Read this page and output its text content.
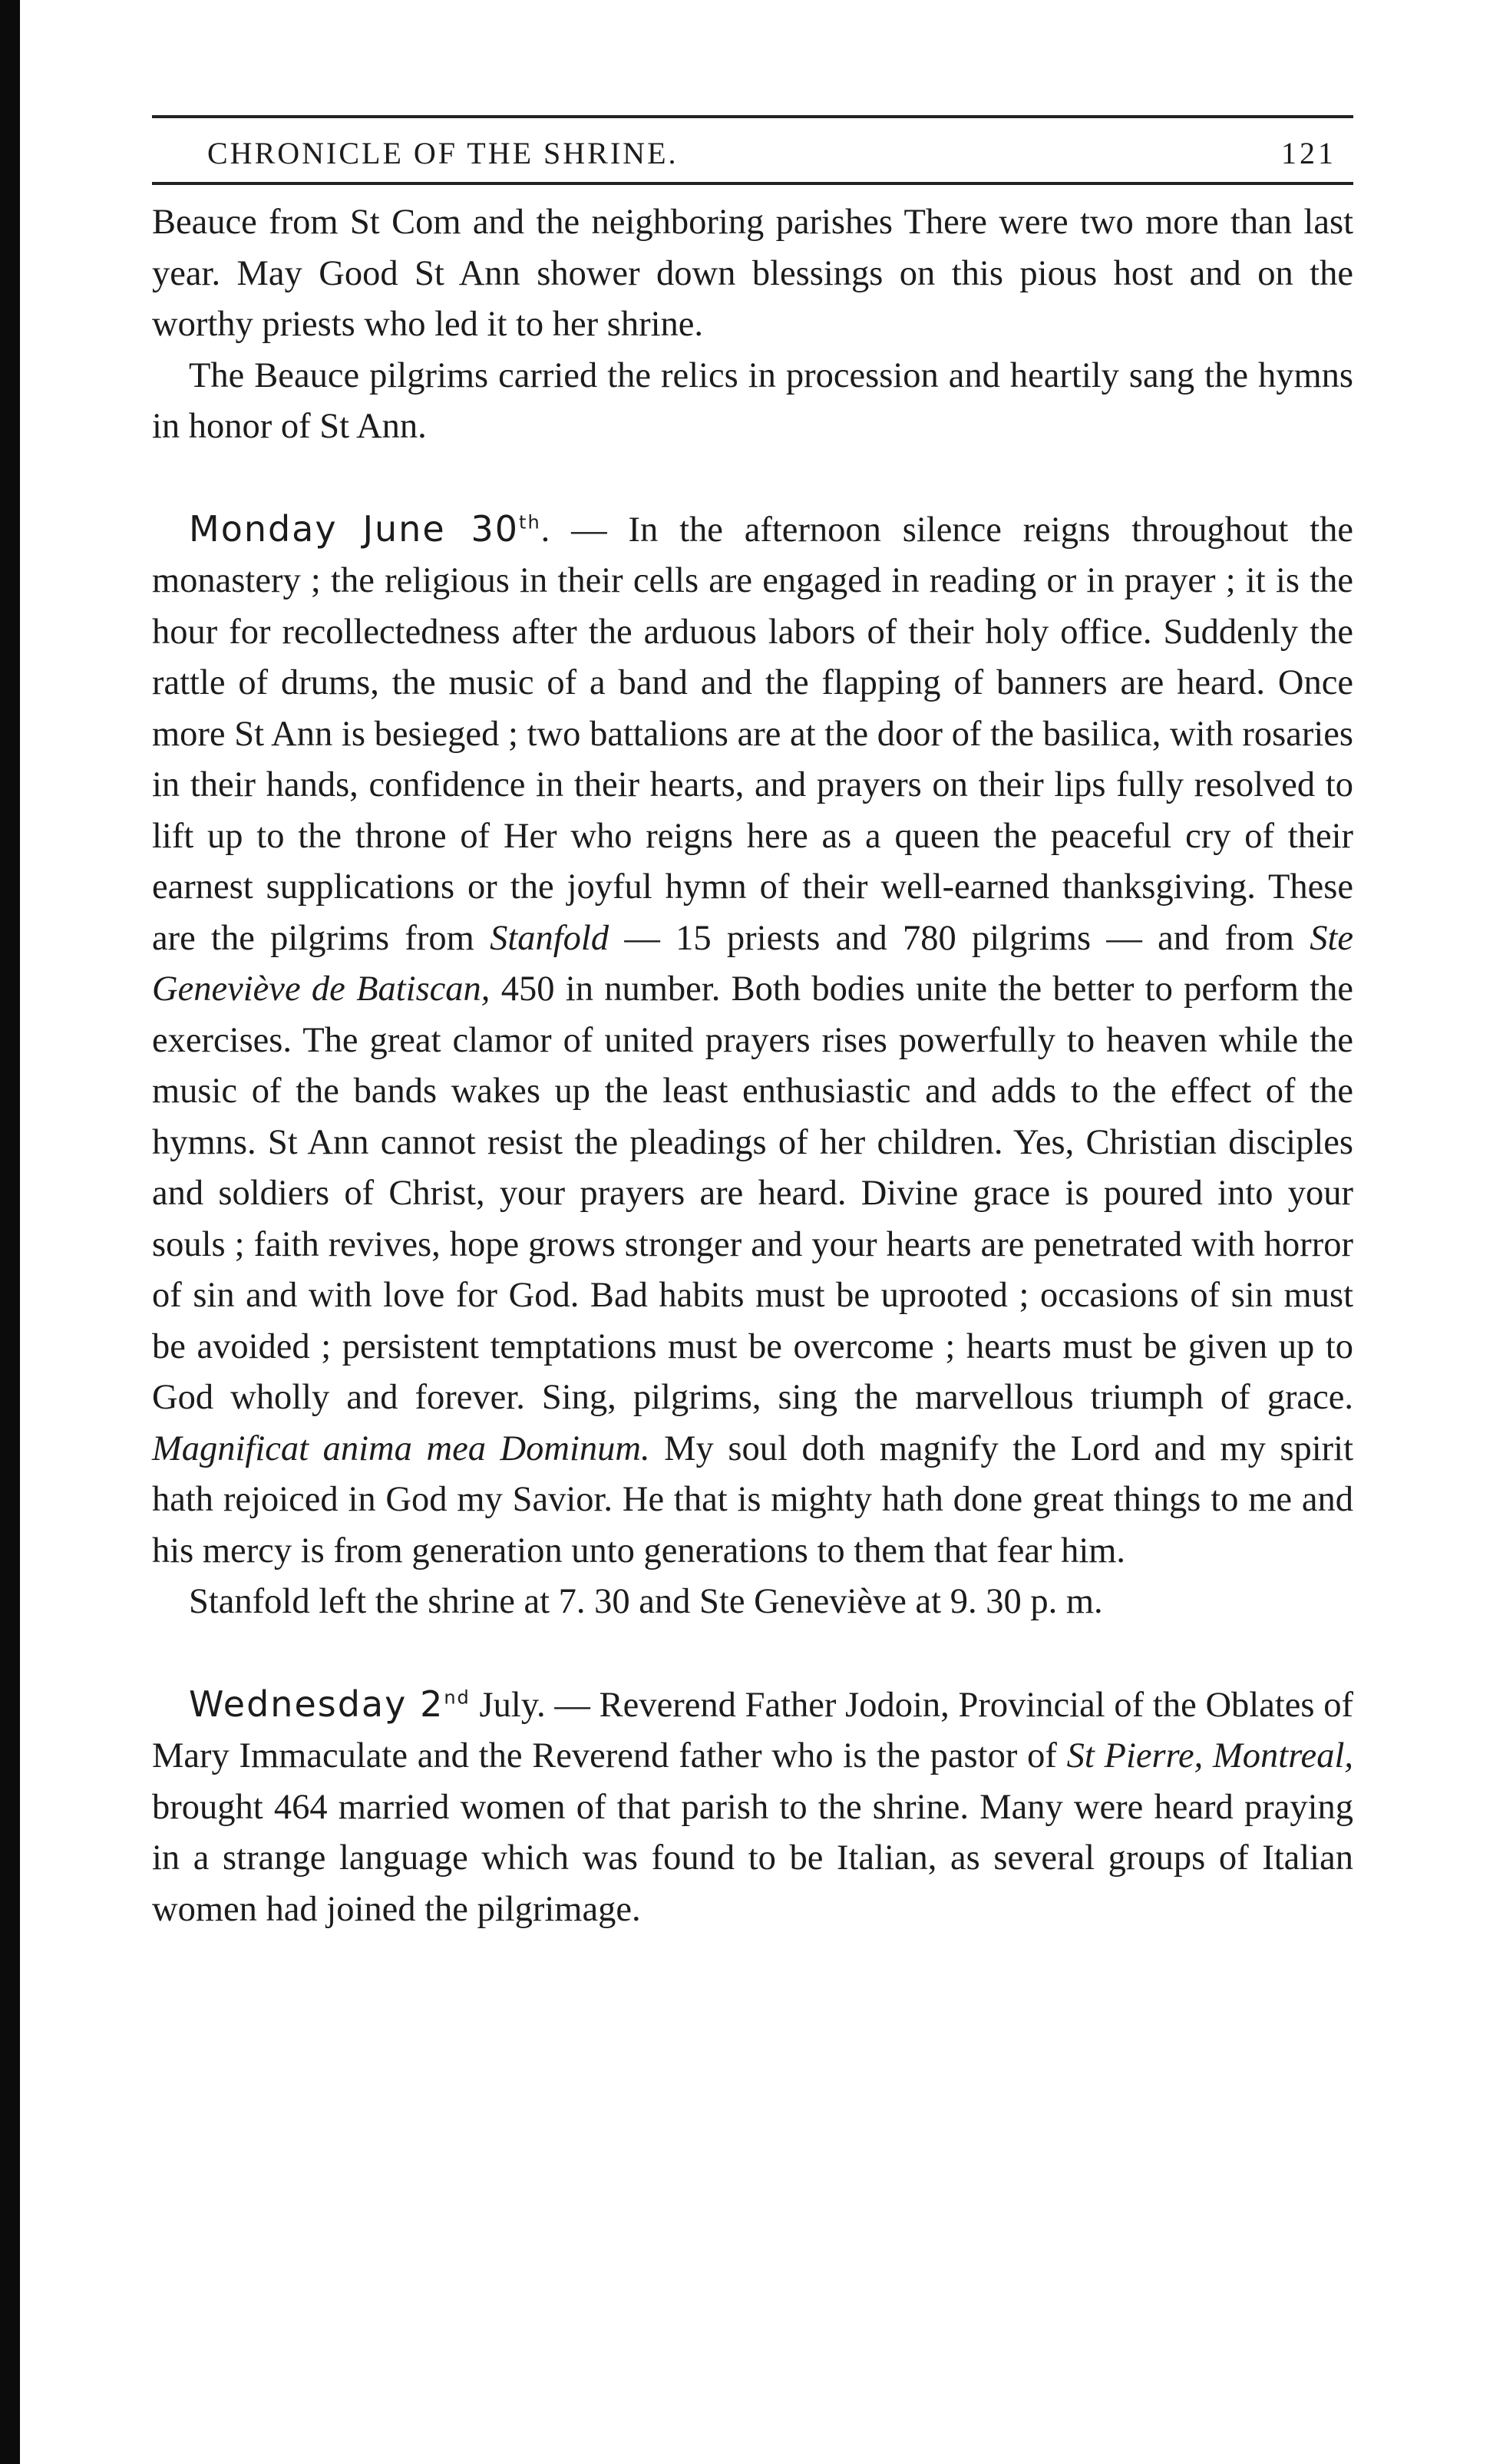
CHRONICLE OF THE SHRINE.	121

Beauce from St Com and the neighboring parishes There were two more than last year. May Good St Ann shower down blessings on this pious host and on the worthy priests who led it to her shrine.

The Beauce pilgrims carried the relics in procession and heartily sang the hymns in honor of St Ann.

Monday June 30th. — In the afternoon silence reigns throughout the monastery ; the religious in their cells are engaged in reading or in prayer ; it is the hour for recollectedness after the arduous labors of their holy office. Suddenly the rattle of drums, the music of a band and the flapping of banners are heard. Once more St Ann is besieged ; two battalions are at the door of the basilica, with rosaries in their hands, confidence in their hearts, and prayers on their lips fully resolved to lift up to the throne of Her who reigns here as a queen the peaceful cry of their earnest supplications or the joyful hymn of their well-earned thanksgiving. These are the pilgrims from Stanfold — 15 priests and 780 pilgrims — and from Ste Geneviève de Batiscan, 450 in number. Both bodies unite the better to perform the exercises. The great clamor of united prayers rises powerfully to heaven while the music of the bands wakes up the least enthusiastic and adds to the effect of the hymns. St Ann cannot resist the pleadings of her children. Yes, Christian disciples and soldiers of Christ, your prayers are heard. Divine grace is poured into your souls ; faith revives, hope grows stronger and your hearts are penetrated with horror of sin and with love for God. Bad habits must be uprooted ; occasions of sin must be avoided ; persistent temptations must be overcome ; hearts must be given up to God wholly and forever. Sing, pilgrims, sing the marvellous triumph of grace. Magnificat anima mea Dominum. My soul doth magnify the Lord and my spirit hath rejoiced in God my Savior. He that is mighty hath done great things to me and his mercy is from generation unto generations to them that fear him.

Stanfold left the shrine at 7. 30 and Ste Geneviève at 9. 30 p. m.

Wednesday 2nd July. — Reverend Father Jodoin, Provincial of the Oblates of Mary Immaculate and the Reverend father who is the pastor of St Pierre, Montreal, brought 464 married women of that parish to the shrine. Many were heard praying in a strange language which was found to be Italian, as several groups of Italian women had joined the pilgrimage.
